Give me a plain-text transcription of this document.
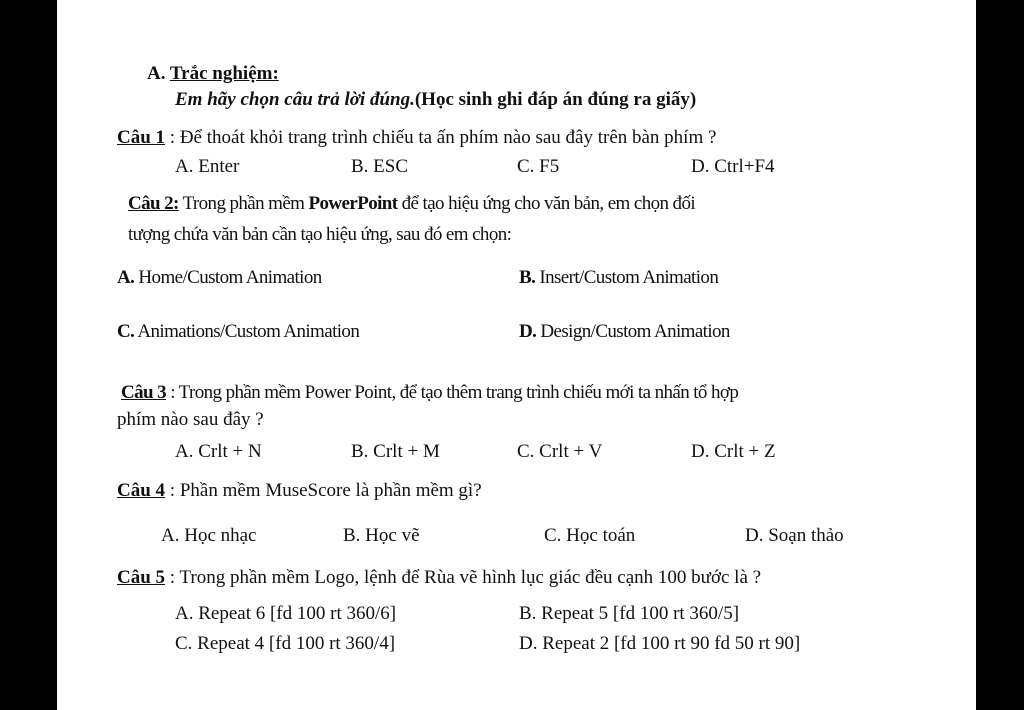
A. Trắc nghiệm:
Em hãy chọn câu trả lời đúng.(Học sinh ghi đáp án đúng ra giấy)
Câu 1 : Để thoát khỏi trang trình chiếu ta ấn phím nào sau đây trên bàn phím ?
A. Enter	B. ESC	C. F5	D. Ctrl+F4
Câu 2: Trong phần mềm PowerPoint để tạo hiệu ứng cho văn bản, em chọn đối
tượng chứa văn bản cần tạo hiệu ứng, sau đó em chọn:
A. Home/Custom Animation	B. Insert/Custom Animation
C. Animations/Custom Animation	D. Design/Custom Animation
Câu 3 : Trong phần mềm Power Point, để tạo thêm trang trình chiếu mới ta nhấn tổ hợp
phím nào sau đây ?
A. Crlt + N	B. Crlt + M	C. Crlt + V	D. Crlt + Z
Câu 4 : Phần mềm MuseScore là phần mềm gì?
A. Học nhạc	B. Học vẽ	C. Học toán	D. Soạn thảo
Câu 5 : Trong phần mềm Logo, lệnh để Rùa vẽ hình lục giác đều cạnh 100 bước là ?
A. Repeat 6 [fd 100 rt 360/6]	B. Repeat 5 [fd 100 rt 360/5]
C. Repeat 4 [fd 100 rt 360/4]	D. Repeat 2 [fd 100 rt 90 fd 50 rt 90]
